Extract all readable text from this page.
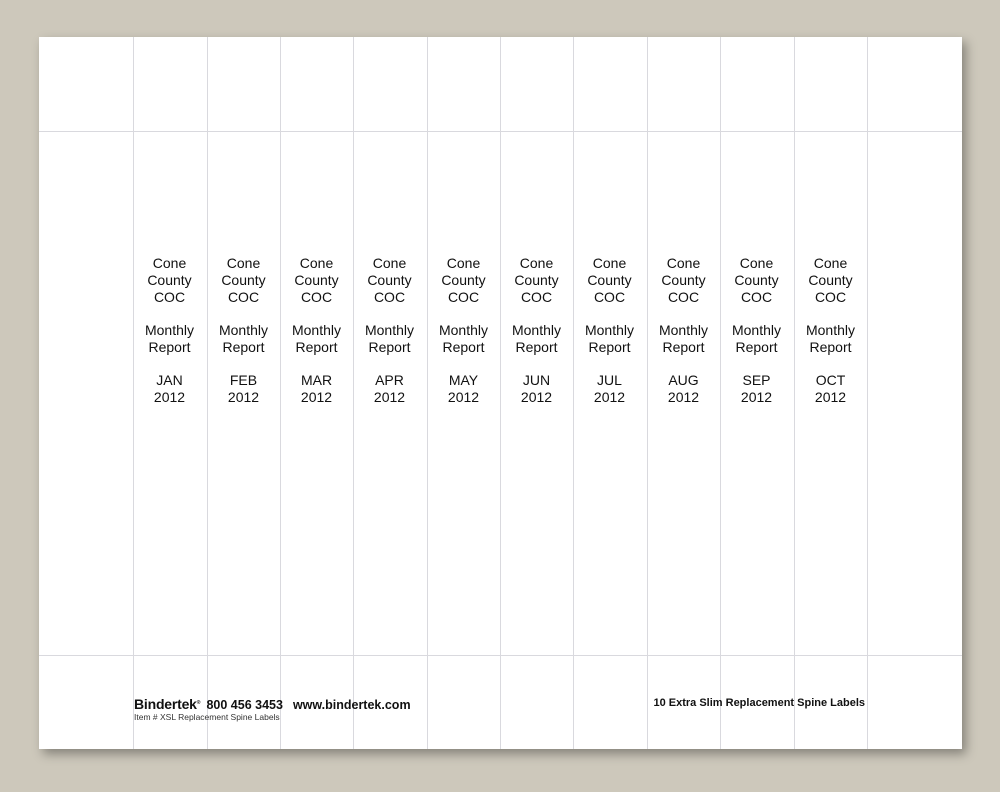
Cone
County
COC
Monthly
Report
JAN
2012
Cone
County
COC
Monthly
Report
FEB
2012
Cone
County
COC
Monthly
Report
MAR
2012
Cone
County
COC
Monthly
Report
APR
2012
Cone
County
COC
Monthly
Report
MAY
2012
Cone
County
COC
Monthly
Report
JUN
2012
Cone
County
COC
Monthly
Report
JUL
2012
Cone
County
COC
Monthly
Report
AUG
2012
Cone
County
COC
Monthly
Report
SEP
2012
Cone
County
COC
Monthly
Report
OCT
2012
Bindertek® 800 456 3453 www.bindertek.com
Item # XSL Replacement Spine Labels
10 Extra Slim Replacement Spine Labels
